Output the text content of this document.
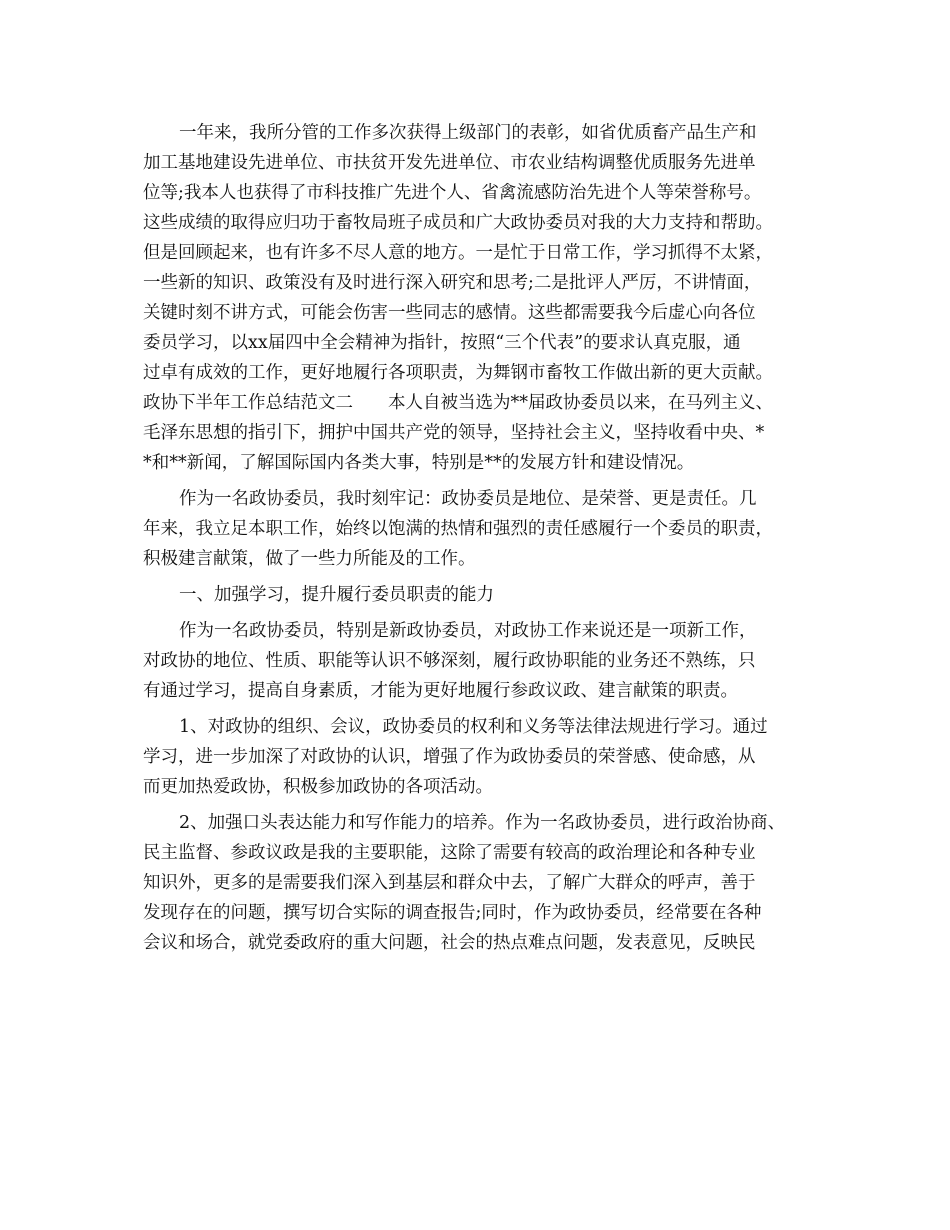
一年来，我所分管的工作多次获得上级部门的表彰，如省优质畜产品生产和
加工基地建设先进单位、市扶贫开发先进单位、市农业结构调整优质服务先进单
位等;我本人也获得了市科技推广先进个人、省禽流感防治先进个人等荣誉称号。
这些成绩的取得应归功于畜牧局班子成员和广大政协委员对我的大力支持和帮助。
但是回顾起来，也有许多不尽人意的地方。一是忙于日常工作，学习抓得不太紧，
一些新的知识、政策没有及时进行深入研究和思考;二是批评人严厉，不讲情面，
关键时刻不讲方式，可能会伤害一些同志的感情。这些都需要我今后虚心向各位
委员学习，以xx届四中全会精神为指针，按照“三个代表”的要求认真克服，通
过卓有成效的工作，更好地履行各项职责，为舞钢市畜牧工作做出新的更大贡献。
政协下半年工作总结范文二　　本人自被当选为**届政协委员以来，在马列主义、
毛泽东思想的指引下，拥护中国共产党的领导，坚持社会主义，坚持收看中央、*
*和**新闻，了解国际国内各类大事，特别是**的发展方针和建设情况。
作为一名政协委员，我时刻牢记：政协委员是地位、是荣誉、更是责任。几
年来，我立足本职工作，始终以饱满的热情和强烈的责任感履行一个委员的职责，
积极建言献策，做了一些力所能及的工作。
一、加强学习，提升履行委员职责的能力
作为一名政协委员，特别是新政协委员，对政协工作来说还是一项新工作，
对政协的地位、性质、职能等认识不够深刻，履行政协职能的业务还不熟练，只
有通过学习，提高自身素质，才能为更好地履行参政议政、建言献策的职责。
1、对政协的组织、会议，政协委员的权利和义务等法律法规进行学习。通过
学习，进一步加深了对政协的认识，增强了作为政协委员的荣誉感、使命感，从
而更加热爱政协，积极参加政协的各项活动。
2、加强口头表达能力和写作能力的培养。作为一名政协委员，进行政治协商、
民主监督、参政议政是我的主要职能，这除了需要有较高的政治理论和各种专业
知识外，更多的是需要我们深入到基层和群众中去，了解广大群众的呼声，善于
发现存在的问题，撰写切合实际的调查报告;同时，作为政协委员，经常要在各种
会议和场合，就党委政府的重大问题，社会的热点难点问题，发表意见，反映民
